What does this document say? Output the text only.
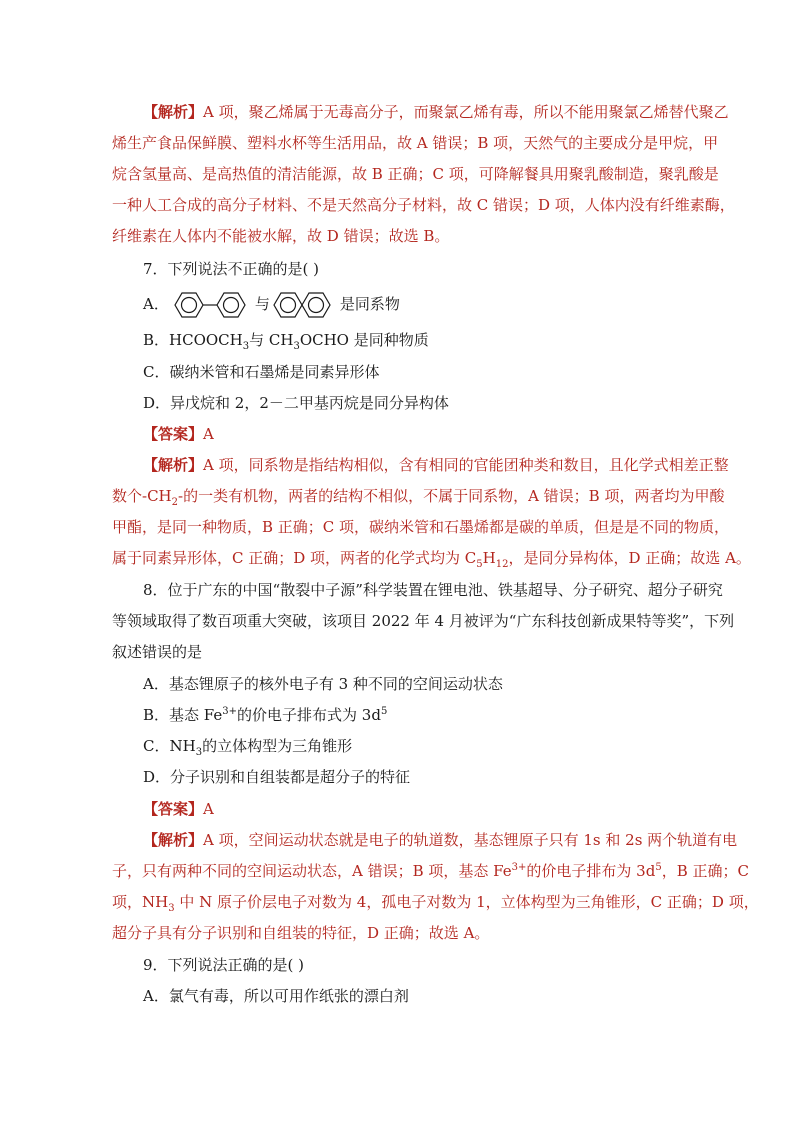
【解析】A 项，聚乙烯属于无毒高分子，而聚氯乙烯有毒，所以不能用聚氯乙烯替代聚乙
烯生产食品保鲜膜、塑料水杯等生活用品，故 A 错误；B 项，天然气的主要成分是甲烷，甲
烷含氢量高、是高热值的清洁能源，故 B 正确；C 项，可降解餐具用聚乳酸制造，聚乳酸是
一种人工合成的高分子材料、不是天然高分子材料，故 C 错误；D 项，人体内没有纤维素酶，
纤维素在人体内不能被水解，故 D 错误；故选 B。
7．下列说法不正确的是( )
A．	与	是同系物
B．$HCOOCH_3$与 $CH_3OCHO$ 是同种物质
C．碳纳米管和石墨烯是同素异形体
D．异戊烷和 2，2－二甲基丙烷是同分异构体
【答案】A
【解析】A 项，同系物是指结构相似，含有相同的官能团种类和数目，且化学式相差正整
数个$-CH_2-$的一类有机物，两者的结构不相似，不属于同系物，A 错误；B 项，两者均为甲酸
甲酯，是同一种物质，B 正确；C 项，碳纳米管和石墨烯都是碳的单质，但是是不同的物质，
属于同素异形体，C 正确；D 项，两者的化学式均为 $C_5H_{12}$，是同分异构体，D 正确；故选 A。
8．位于广东的中国“散裂中子源”科学装置在锂电池、铁基超导、分子研究、超分子研究
等领域取得了数百项重大突破，该项目 2022 年 4 月被评为“广东科技创新成果特等奖”，下列
叙述错误的是
A．基态锂原子的核外电子有 3 种不同的空间运动状态
B．基态 $Fe^{3+}$的价电子排布式为 $3d^5$
C．$NH_3$的立体构型为三角锥形
D．分子识别和自组装都是超分子的特征
【答案】A
【解析】A 项，空间运动状态就是电子的轨道数，基态锂原子只有 1s 和 2s 两个轨道有电
子，只有两种不同的空间运动状态，A 错误；B 项，基态 $Fe^{3+}$的价电子排布为 $3d^5$，B 正确；C
项，$NH_3$ 中 N 原子价层电子对数为 4，孤电子对数为 1，立体构型为三角锥形，C 正确；D 项，
超分子具有分子识别和自组装的特征，D 正确；故选 A。
9．下列说法正确的是( )
A．氯气有毒，所以可用作纸张的漂白剂
